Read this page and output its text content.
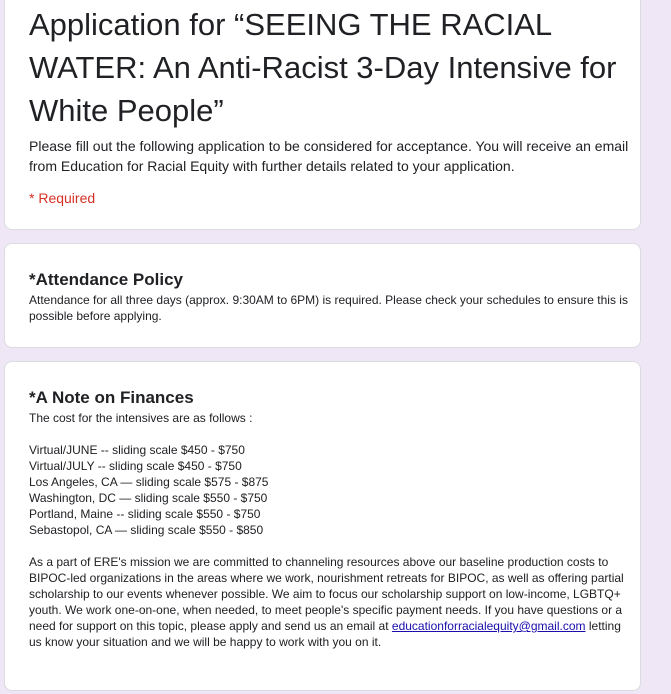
Application for “SEEING THE RACIAL WATER: An Anti-Racist 3-Day Intensive for White People”

Please fill out the following application to be considered for acceptance. You will receive an email from Education for Racial Equity with further details related to your application.

* Required
*Attendance Policy

Attendance for all three days (approx. 9:30AM to 6PM) is required. Please check your schedules to ensure this is possible before applying.

*A Note on Finances

The cost for the intensives are as follows :

Virtual/JUNE -- sliding scale $450 - $750
Virtual/JULY -- sliding scale $450 - $750
Los Angeles, CA — sliding scale $575 - $875
Washington, DC — sliding scale $550 - $750
Portland, Maine -- sliding scale $550 - $750
Sebastopol, CA — sliding scale $550 - $850

As a part of ERE's mission we are committed to channeling resources above our baseline production costs to BIPOC-led organizations in the areas where we work, nourishment retreats for BIPOC, as well as offering partial scholarship to our events whenever possible. We aim to focus our scholarship support on low-income, LGBTQ+ youth. We work one-on-one, when needed, to meet people's specific payment needs. If you have questions or a need for support on this topic, please apply and send us an email at educationforracialequity@gmail.com letting us know your situation and we will be happy to work with you on it.
